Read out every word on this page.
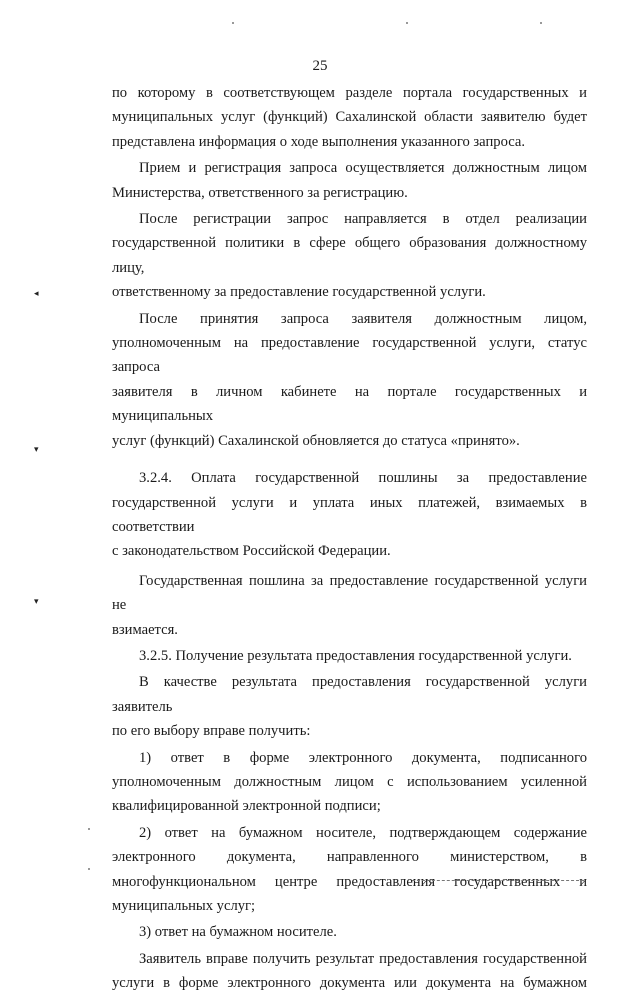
25

по которому в соответствующем разделе портала государственных и

муниципальных услуг (функций) Сахалинской области заявителю будет

представлена информация о ходе выполнения указанного запроса.

Прием и регистрация запроса осуществляется должностным лицом

Министерства, ответственного за регистрацию.

После регистрации запрос направляется в отдел реализации

государственной политики в сфере общего образования должностному лицу,

ответственному за предоставление государственной услуги.

После принятия запроса заявителя должностным лицом,

уполномоченным на предоставление государственной услуги, статус запроса

заявителя в личном кабинете на портале государственных и муниципальных

услуг (функций) Сахалинской обновляется до статуса «принято».

3.2.4. Оплата государственной пошлины за предоставление

государственной услуги и уплата иных платежей, взимаемых в соответствии

с законодательством Российской Федерации.

Государственная пошлина за предоставление государственной услуги не

взимается.

3.2.5. Получение результата предоставления государственной услуги.

В качестве результата предоставления государственной услуги заявитель

по его выбору вправе получить:

1) ответ в форме электронного документа, подписанного

уполномоченным должностным лицом с использованием усиленной

квалифицированной электронной подписи;

2) ответ на бумажном носителе, подтверждающем содержание

электронного документа, направленного министерством, в

многофункциональном центре предоставления государственных и

муниципальных услуг;

3) ответ на бумажном носителе.

Заявитель вправе получить результат предоставления государственной

услуги в форме электронного документа или документа на бумажном

◂
▾
▾
